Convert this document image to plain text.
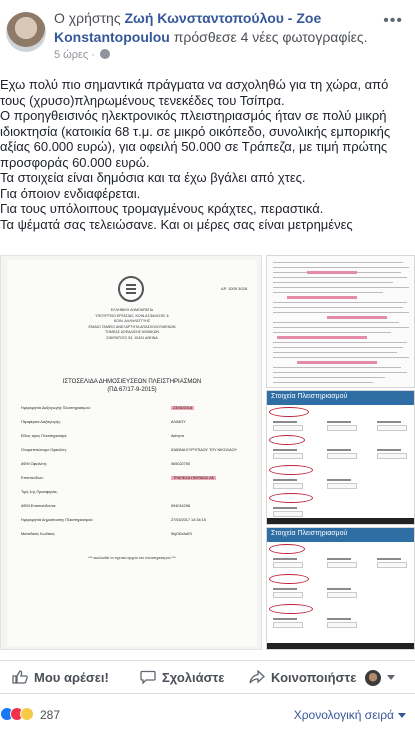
Ο χρήστης Ζωή Κωνσταντοπούλου - Zoe Konstantopoulou πρόσθεσε 4 νέες φωτογραφίες.
5 ώρες ·
•••
Εχω πολύ πιο σημαντικά πράγματα να ασχοληθώ για τη χώρα, από
τους (χρυσο)πληρωμένους τενεκέδες του Τσίπρα.
Ο προηγθεισινός ηλεκτρονικός πλειστηριασμός ήταν σε πολύ μικρή
ιδιοκτησία (κατοικία 68 τ.μ. σε μικρό οικόπεδο, συνολικής εμπορικής
αξίας 60.000 ευρώ), για οφειλή 50.000 σε Τράπεζα, με τιμή πρώτης
προσφοράς 60.000 ευρώ.
Τα στοιχεία είναι δημόσια και τα έχω βγάλει από χτες.
Για όποιον ενδιαφέρεται.
Για τους υπόλοιπους τρομαγμένους κράχτες, περαστικά.
Τα ψέματά σας τελειώσανε. Και οι μέρες σας είναι μετρημένες
ΑΡ. 1005 3028
ΕΛΛΗΝΙΚΗ ΔΗΜΟΚΡΑΤΙΑ
ΥΠΟΥΡΓΕΙΟ ΕΡΓΑΣΙΑΣ, ΚΟΙΝ.ΑΣΦΑΛΙΣΗΣ &
ΚΟΙΝ. ΑΛΛΗΛΕΓΓΥΗΣ
ΕΝΙΑΙΟ ΤΑΜΕΙΟ ΑΝΕΞΑΡΤΗΤΑ ΑΠΑΣΧΟΛΟΥΜΕΝΩΝ
ΤΟΜΕΑΣ ΑΣΦΑΛΙΣΗΣ ΝΟΜΙΚΩΝ
ΣΩΚΡΑΤΟΥΣ 53, 10431 ΑΘΗΝΑ
ΙΣΤΟΣΕΛΙΔΑ ΔΗΜΟΣΙΕΥΣΕΩΝ ΠΛΕΙΣΤΗΡΙΑΣΜΩΝ
(ΠΔ 67/17-9-2015)
Ημερομηνία Διεξαγωγής Πλειστηριασμού:	23/05/2018
Περιφέρεια Διεξαγωγής:	ΑΛΙΜΟΥ
Είδος προς Πλειστηριασμό:	Ακίνητα
Ονοματεπώνυμο Οφειλέτη:	ΙΩΑΝΝΑ ΕΥΡΥΠΙΔΟΥ ΤΟΥ ΝΙΚΟΛΑΟΥ
ΑΦΜ Οφειλέτη:	065022750
Επισπεύδων:	ΤΡΑΠΕΖΑ ΠΕΙΡΑΙΩΣ ΑΕ
Τιμή 1ης Προσφοράς:
ΑΦΜ Επισπεύδοντα:	094014298
Ημερομηνία Δημοσίευσης Πλειστηριασμού:	27/03/2017 14:34:15
Μοναδικός Κωδικός:	9kjOl2cfuKS
*** ακολουθεί το σχετικό αρχείο του πλειστηριασμού ***
Στοιχεία Πλειστηριασμού
Στοιχεία Πλειστηριασμού
Μου αρέσει!	Σχολιάστε	Κοινοποιήστε
287	Χρονολογική σειρά
